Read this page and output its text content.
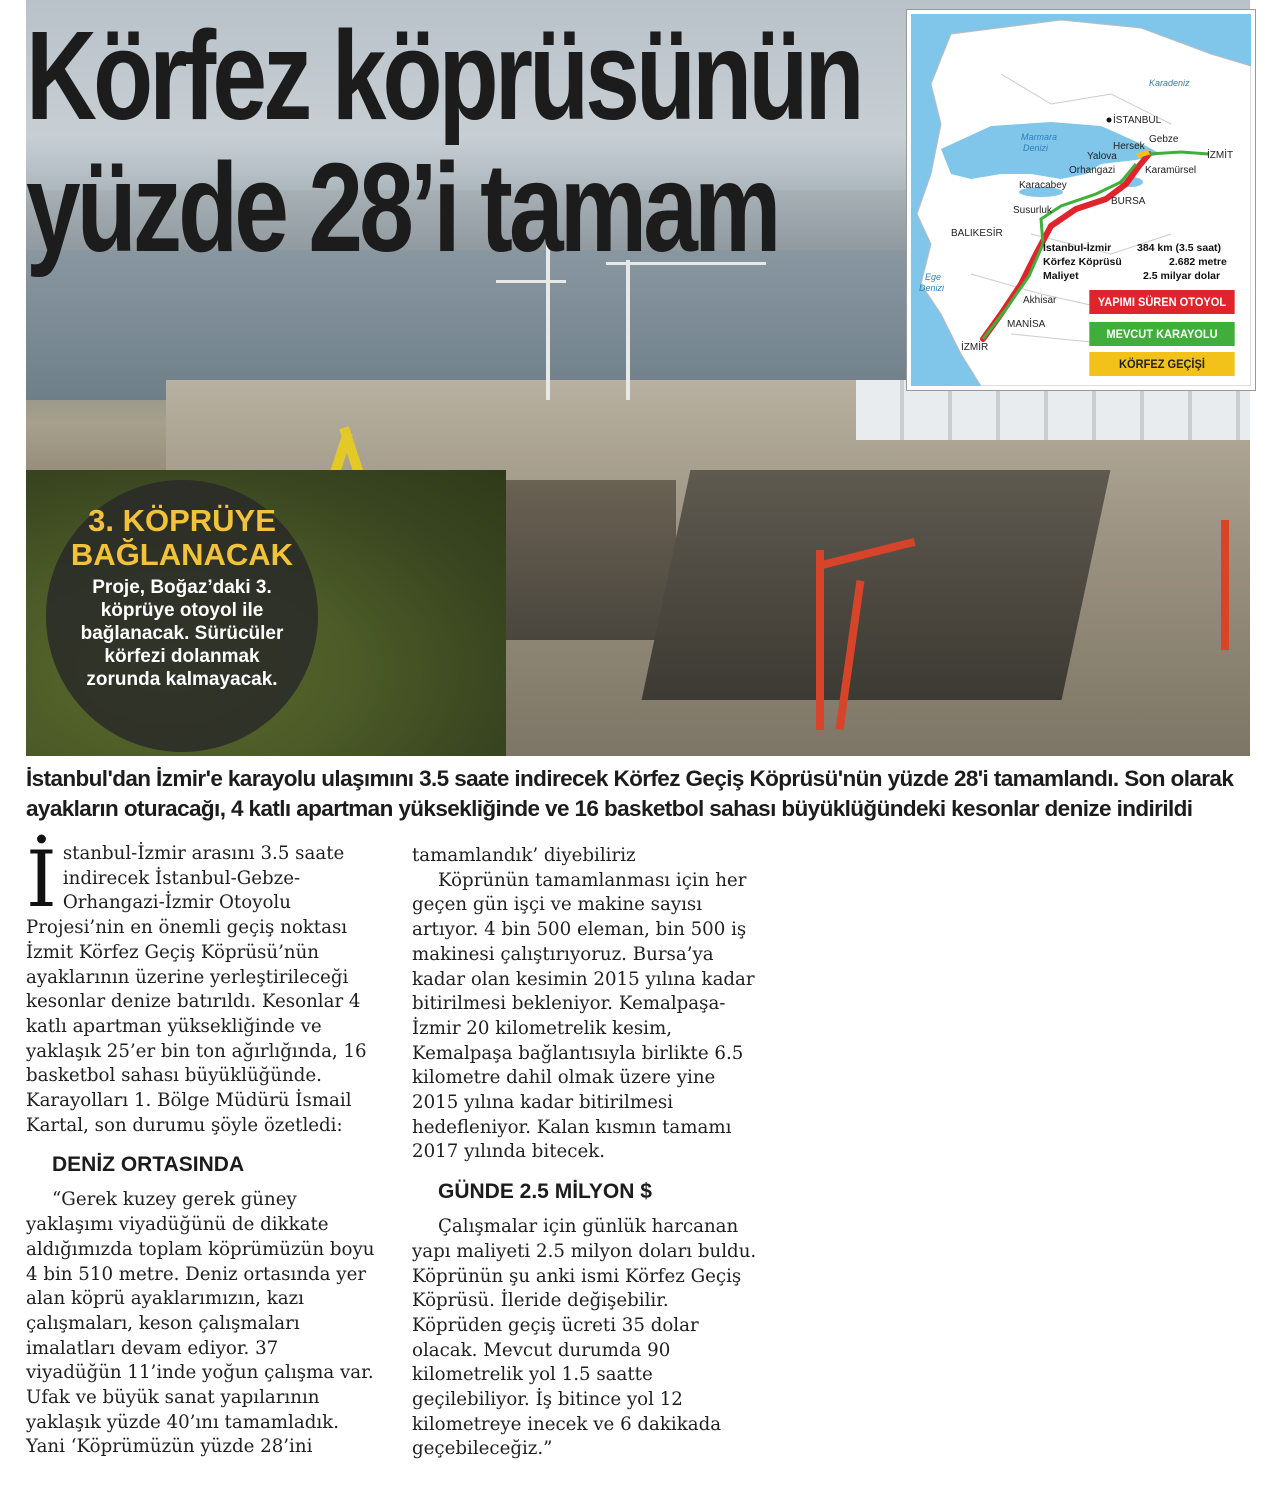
Körfez köprüsünün
yüzde 28’i tamam
3. KÖPRÜYE
BAĞLANACAK
Proje, Boğaz’daki 3. köprüye otoyol ile bağlanacak. Sürücüler körfezi dolanmak zorunda kalmayacak.
Karadeniz
Marmara
Denizi
Ege
Denizi
İSTANBUL
Gebze
Hersek
İZMİT
Yalova
Orhangazi	Karamürsel
Karacabey
BURSA
Susurluk
BALIKESİR
Akhisar
MANİSA
İZMİR
İstanbul-İzmir 384 km (3.5 saat)
Körfez Köprüsü	2.682 metre
Maliyet	2.5 milyar dolar
YAPIMI SÜREN OTOYOL
MEVCUT KARAYOLU
KÖRFEZ GEÇİŞİ

İstanbul'dan İzmir'e karayolu ulaşımını 3.5 saate indirecek Körfez Geçiş Köprüsü'nün yüzde 28'i tamamlandı. Son olarak ayakların oturacağı, 4 katlı apartman yüksekliğinde ve 16 basketbol sahası büyüklüğündeki kesonlar denize indirildi

İstanbul-İzmir arasını 3.5 saate indirecek İstanbul-Gebze-Orhangazi-İzmir Otoyolu Projesi’nin en önemli geçiş noktası İzmit Körfez Geçiş Köprüsü’nün ayaklarının üzerine yerleştirileceği kesonlar denize batırıldı. Kesonlar 4 katlı apartman yüksekliğinde ve yaklaşık 25’er bin ton ağırlığında, 16 basketbol sahası büyüklüğünde. Karayolları 1. Bölge Müdürü İsmail Kartal, son durumu şöyle özetledi:

DENİZ ORTASINDA

“Gerek kuzey gerek güney yaklaşımı viyadüğünü de dikkate aldığımızda toplam köprümüzün boyu 4 bin 510 metre. Deniz ortasında yer alan köprü ayaklarımızın, kazı çalışmaları, keson çalışmaları imalatları devam ediyor. 37 viyadüğün 11’inde yoğun çalışma var. Ufak ve büyük sanat yapılarının yaklaşık yüzde 40’ını tamamladık. Yani ‘Köprümüzün yüzde 28’ini

tamamlandık’ diyebiliriz

Köprünün tamamlanması için her geçen gün işçi ve makine sayısı artıyor. 4 bin 500 eleman, bin 500 iş makinesi çalıştırıyoruz. Bursa’ya kadar olan kesimin 2015 yılına kadar bitirilmesi bekleniyor. Kemalpaşa-İzmir 20 kilometrelik kesim, Kemalpaşa bağlantısıyla birlikte 6.5 kilometre dahil olmak üzere yine 2015 yılına kadar bitirilmesi hedefleniyor. Kalan kısmın tamamı 2017 yılında bitecek.

GÜNDE 2.5 MİLYON $

Çalışmalar için günlük harcanan yapı maliyeti 2.5 milyon doları buldu. Köprünün şu anki ismi Körfez Geçiş Köprüsü. İleride değişebilir. Köprüden geçiş ücreti 35 dolar olacak. Mevcut durumda 90 kilometrelik yol 1.5 saatte geçilebiliyor. İş bitince yol 12 kilometreye inecek ve 6 dakikada geçebileceğiz.”
